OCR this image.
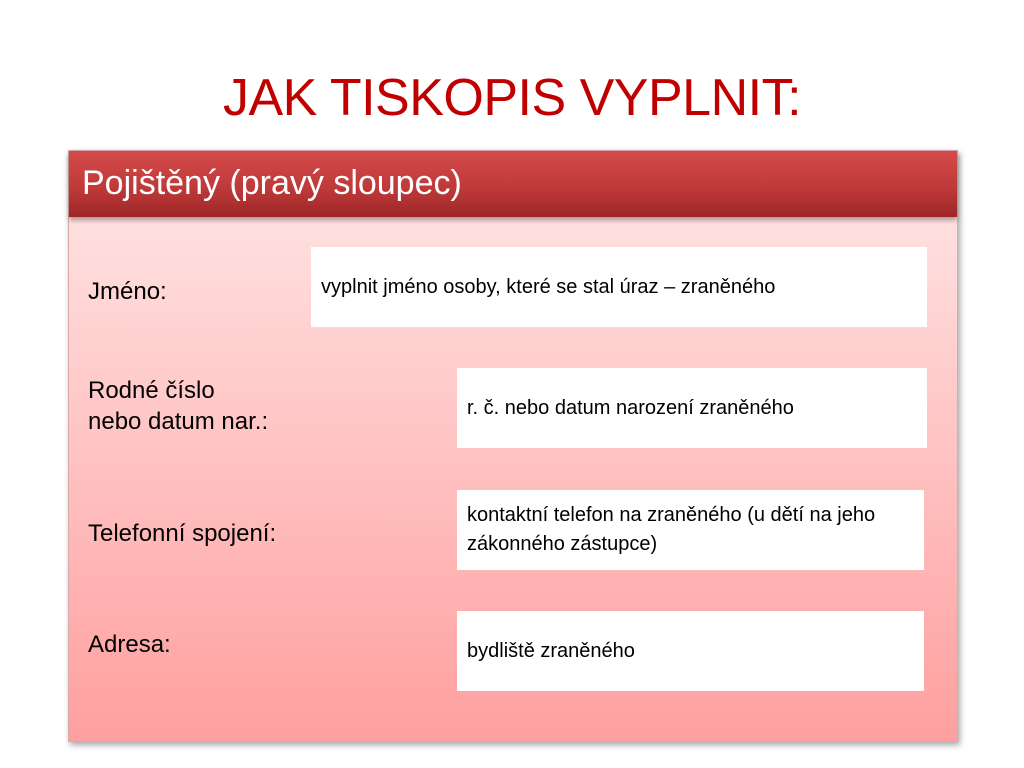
JAK TISKOPIS VYPLNIT:
Pojištěný (pravý sloupec)
Jméno:	vyplnit jméno osoby, které se stal úraz – zraněného
Rodné číslo
nebo datum nar.:
r. č. nebo datum narození zraněného
Telefonní spojení:
kontaktní telefon na zraněného (u dětí na jeho zákonného zástupce)
Adresa:	bydliště zraněného
